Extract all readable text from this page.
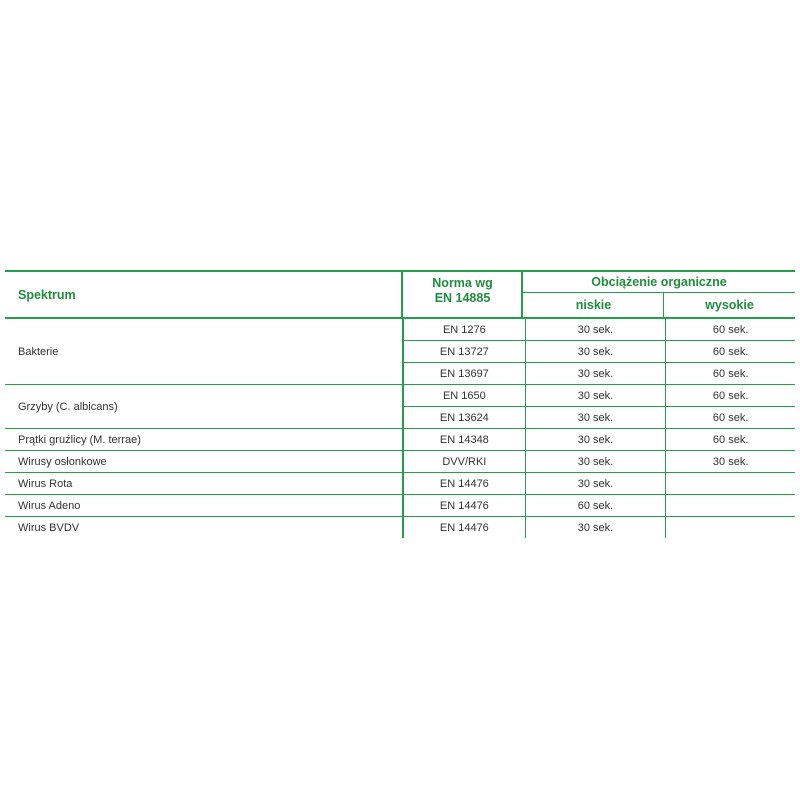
Spektrum
Norma wg
EN 14885
Obciążenie organiczne
niskie	wysokie
Bakterie
EN 1276	30 sek.	60 sek.
EN 13727	30 sek.	60 sek.
EN 13697	30 sek.	60 sek.
Grzyby (C. albicans)
EN 1650	30 sek.	60 sek.
EN 13624	30 sek.	60 sek.
Prątki gruźlicy (M. terrae)	EN 14348	30 sek.	60 sek.
Wirusy osłonkowe	DVV/RKI	30 sek.	30 sek.
Wirus Rota	EN 14476	30 sek.
Wirus Adeno	EN 14476	60 sek.
Wirus BVDV	EN 14476	30 sek.
